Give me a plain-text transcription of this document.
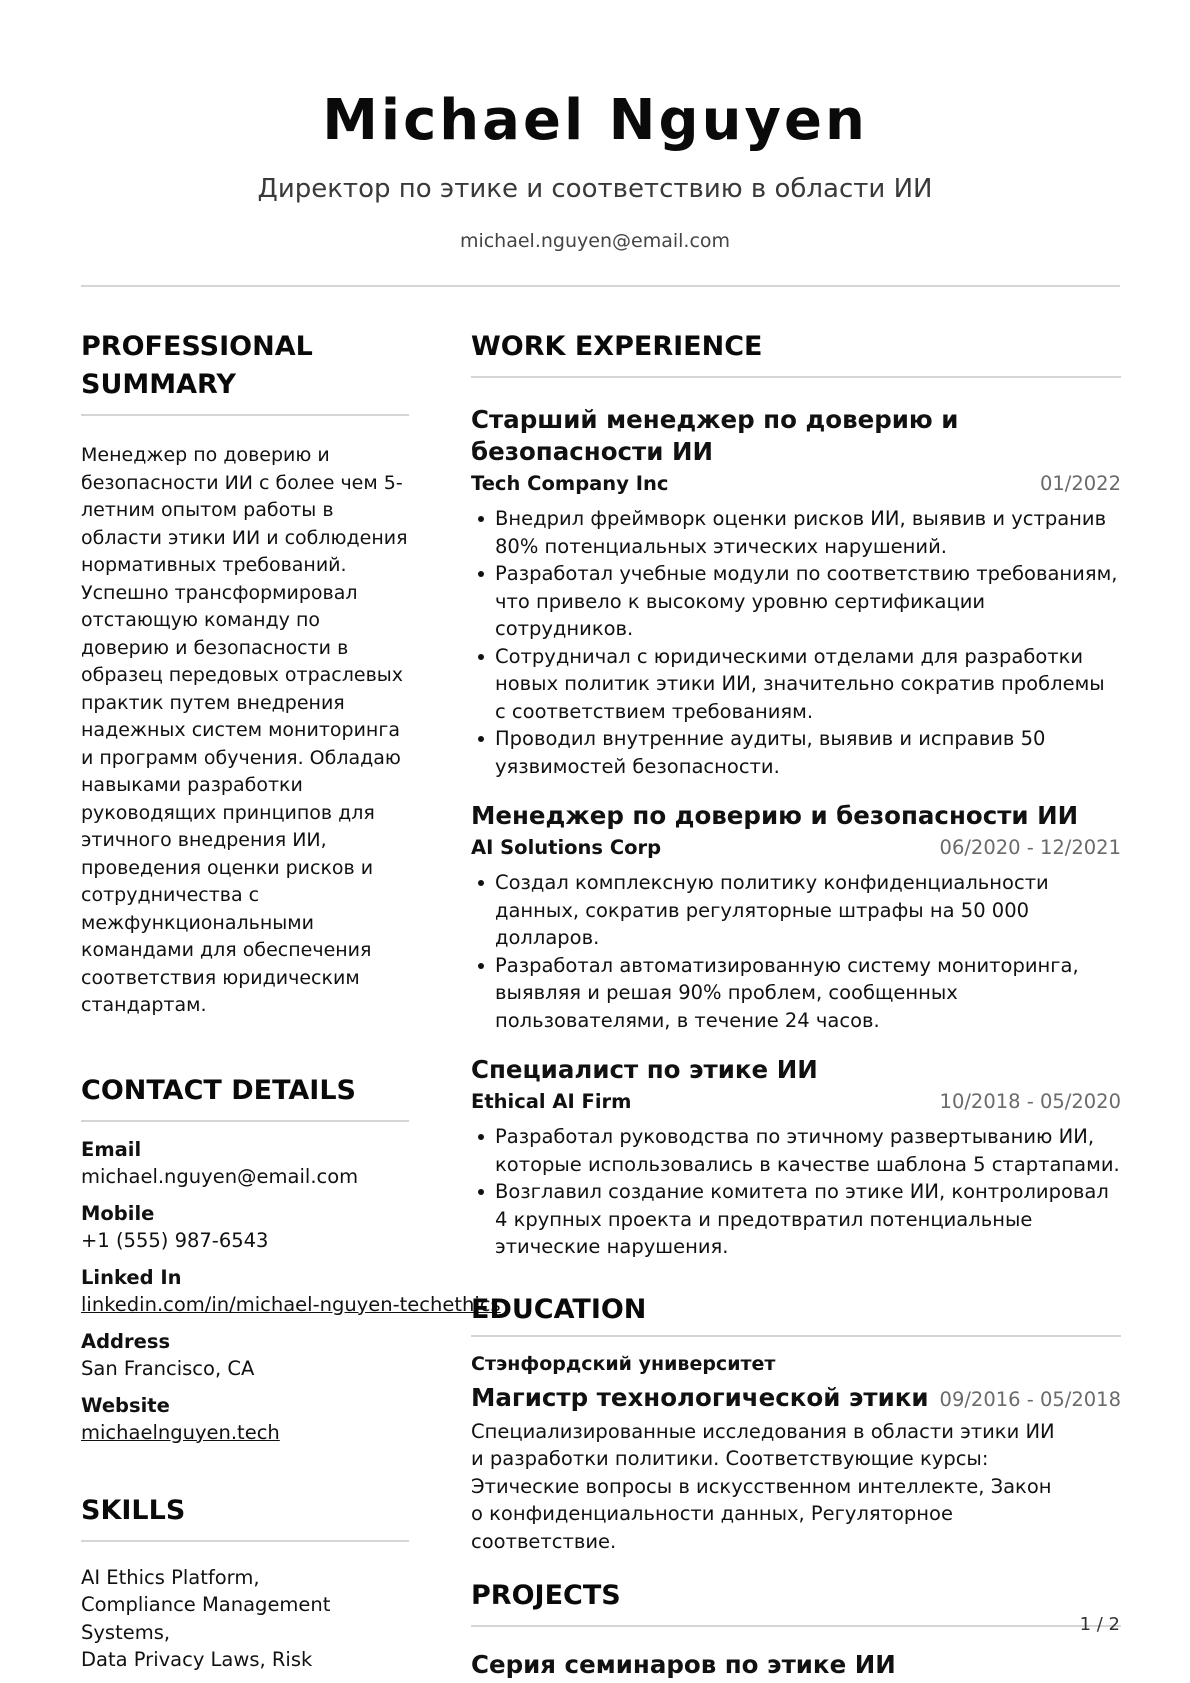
Michael Nguyen
Директор по этике и соответствию в области ИИ
michael.nguyen@email.com
PROFESSIONAL
SUMMARY
Менеджер по доверию и безопасности ИИ с более чем 5-летним опытом работы в области этики ИИ и соблюдения нормативных требований. Успешно трансформировал отстающую команду по доверию и безопасности в образец передовых отраслевых практик путем внедрения надежных систем мониторинга и программ обучения. Обладаю навыками разработки руководящих принципов для этичного внедрения ИИ, проведения оценки рисков и сотрудничества с межфункциональными командами для обеспечения соответствия юридическим стандартам.
CONTACT DETAILS
Email
michael.nguyen@email.com
Mobile
+1 (555) 987-6543
Linked In
linkedin.com/in/michael-nguyen-techethics
Address
San Francisco, CA
Website
michaelnguyen.tech
SKILLS
AI Ethics Platform,
Compliance Management Systems,
Data Privacy Laws, Risk
WORK EXPERIENCE
Старший менеджер по доверию и безопасности ИИ
Tech Company Inc	01/2022
Внедрил фреймворк оценки рисков ИИ, выявив и устранив 80% потенциальных этических нарушений.
Разработал учебные модули по соответствию требованиям, что привело к высокому уровню сертификации сотрудников.
Сотрудничал с юридическими отделами для разработки новых политик этики ИИ, значительно сократив проблемы с соответствием требованиям.
Проводил внутренние аудиты, выявив и исправив 50 уязвимостей безопасности.
Менеджер по доверию и безопасности ИИ
AI Solutions Corp	06/2020 - 12/2021
Создал комплексную политику конфиденциальности данных, сократив регуляторные штрафы на 50 000 долларов.
Разработал автоматизированную систему мониторинга, выявляя и решая 90% проблем, сообщенных пользователями, в течение 24 часов.
Специалист по этике ИИ
Ethical AI Firm	10/2018 - 05/2020
Разработал руководства по этичному развертыванию ИИ, которые использовались в качестве шаблона 5 стартапами.
Возглавил создание комитета по этике ИИ, контролировал 4 крупных проекта и предотвратил потенциальные этические нарушения.
EDUCATION
Стэнфордский университет
Магистр технологической этики 09/2016 - 05/2018
Специализированные исследования в области этики ИИ и разработки политики. Соответствующие курсы: Этические вопросы в искусственном интеллекте, Закон о конфиденциальности данных, Регуляторное соответствие.
PROJECTS
Серия семинаров по этике ИИ
1 / 2
